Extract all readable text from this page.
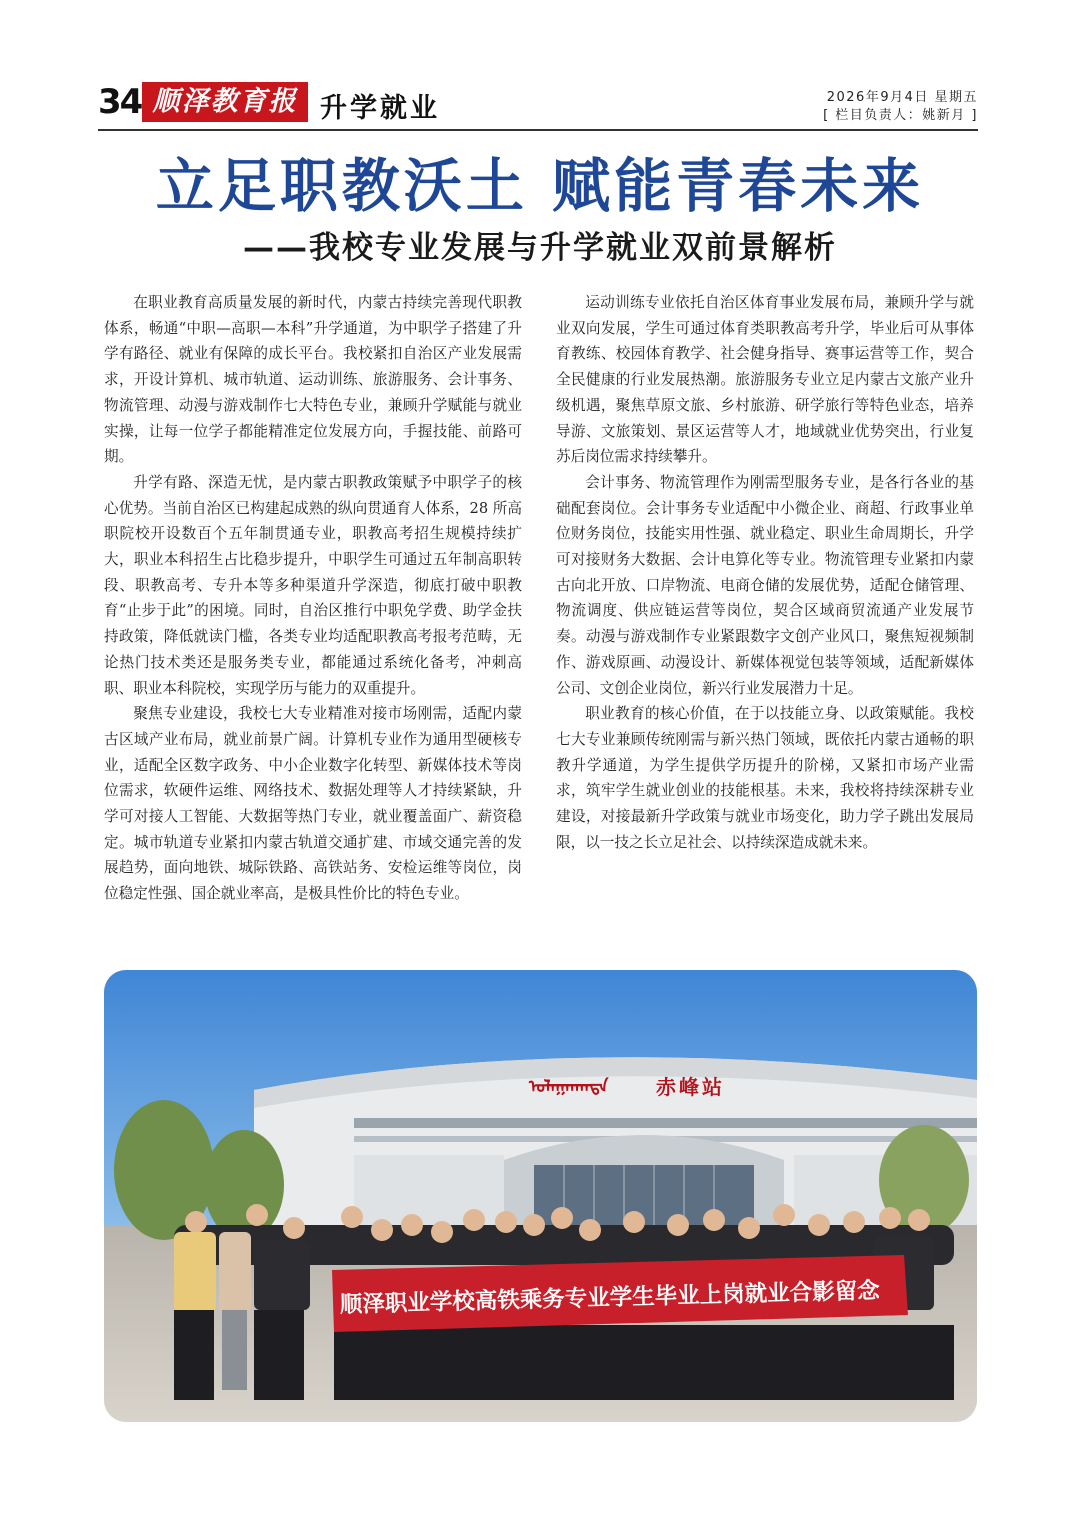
34 顺泽教育报 升学就业	2026年9月4日 星期五
[ 栏目负责人：姚新月 ]
立足职教沃土 赋能青春未来
——我校专业发展与升学就业双前景解析

在职业教育高质量发展的新时代，内蒙古持续完善现代职教体系，畅通“中职—高职—本科”升学通道，为中职学子搭建了升学有路径、就业有保障的成长平台。我校紧扣自治区产业发展需求，开设计算机、城市轨道、运动训练、旅游服务、会计事务、物流管理、动漫与游戏制作七大特色专业，兼顾升学赋能与就业实操，让每一位学子都能精准定位发展方向，手握技能、前路可期。

升学有路、深造无忧，是内蒙古职教政策赋予中职学子的核心优势。当前自治区已构建起成熟的纵向贯通育人体系，28 所高职院校开设数百个五年制贯通专业，职教高考招生规模持续扩大，职业本科招生占比稳步提升，中职学生可通过五年制高职转段、职教高考、专升本等多种渠道升学深造，彻底打破中职教育“止步于此”的困境。同时，自治区推行中职免学费、助学金扶持政策，降低就读门槛，各类专业均适配职教高考报考范畴，无论热门技术类还是服务类专业，都能通过系统化备考，冲刺高职、职业本科院校，实现学历与能力的双重提升。

聚焦专业建设，我校七大专业精准对接市场刚需，适配内蒙古区域产业布局，就业前景广阔。计算机专业作为通用型硬核专业，适配全区数字政务、中小企业数字化转型、新媒体技术等岗位需求，软硬件运维、网络技术、数据处理等人才持续紧缺，升学可对接人工智能、大数据等热门专业，就业覆盖面广、薪资稳定。城市轨道专业紧扣内蒙古轨道交通扩建、市域交通完善的发展趋势，面向地铁、城际铁路、高铁站务、安检运维等岗位，岗位稳定性强、国企就业率高，是极具性价比的特色专业。

运动训练专业依托自治区体育事业发展布局，兼顾升学与就业双向发展，学生可通过体育类职教高考升学，毕业后可从事体育教练、校园体育教学、社会健身指导、赛事运营等工作，契合全民健康的行业发展热潮。旅游服务专业立足内蒙古文旅产业升级机遇，聚焦草原文旅、乡村旅游、研学旅行等特色业态，培养导游、文旅策划、景区运营等人才，地域就业优势突出，行业复苏后岗位需求持续攀升。

会计事务、物流管理作为刚需型服务专业，是各行各业的基础配套岗位。会计事务专业适配中小微企业、商超、行政事业单位财务岗位，技能实用性强、就业稳定、职业生命周期长，升学可对接财务大数据、会计电算化等专业。物流管理专业紧扣内蒙古向北开放、口岸物流、电商仓储的发展优势，适配仓储管理、物流调度、供应链运营等岗位，契合区域商贸流通产业发展节奏。动漫与游戏制作专业紧跟数字文创产业风口，聚焦短视频制作、游戏原画、动漫设计、新媒体视觉包装等领域，适配新媒体公司、文创企业岗位，新兴行业发展潜力十足。

职业教育的核心价值，在于以技能立身、以政策赋能。我校七大专业兼顾传统刚需与新兴热门领域，既依托内蒙古通畅的职教升学通道，为学生提供学历提升的阶梯，又紧扣市场产业需求，筑牢学生就业创业的技能根基。未来，我校将持续深耕专业建设，对接最新升学政策与就业市场变化，助力学子跳出发展局限，以一技之长立足社会、以持续深造成就未来。

ᠤᠯᠠᠭᠠᠨᠬᠠᠳᠠ 赤峰站
顺泽职业学校高铁乘务专业学生毕业上岗就业合影留念
